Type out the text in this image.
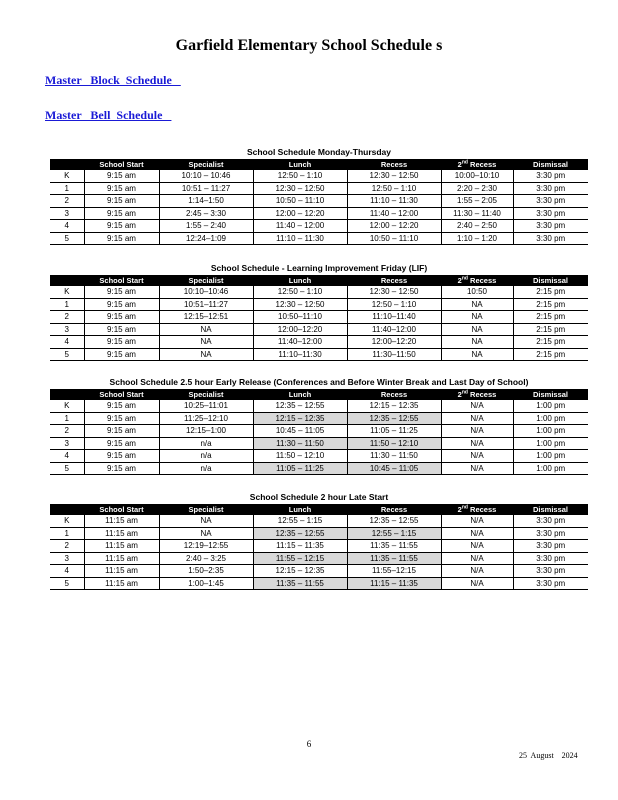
Garfield Elementary School Schedule s
Master   Block  Schedule
Master   Bell  Schedule
School Schedule Monday-Thursday
	School Start	Specialist	Lunch	Recess	2nd Recess	Dismissal
K	9:15 am	10:10 – 10:46	12:50 – 1:10	12:30 – 12:50	10:00–10:10	3:30 pm
1	9:15 am	10:51 – 11:27	12:30 – 12:50	12:50 – 1:10	2:20 – 2:30	3:30 pm
2	9:15 am	1:14–1:50	10:50 – 11:10	11:10 – 11:30	1:55 – 2:05	3:30 pm
3	9:15 am	2:45 – 3:30	12:00 – 12:20	11:40 – 12:00	11:30 – 11:40	3:30 pm
4	9:15 am	1:55 – 2:40	11:40 – 12:00	12:00 – 12:20	2:40 – 2:50	3:30 pm
5	9:15 am	12:24–1:09	11:10 – 11:30	10:50 – 11:10	1:10 – 1:20	3:30 pm
School Schedule - Learning Improvement Friday (LIF)
	School Start	Specialist	Lunch	Recess	2nd Recess	Dismissal
K	9:15 am	10:10–10:46	12:50 – 1:10	12:30 – 12:50	10:50	2:15 pm
1	9:15 am	10:51–11:27	12:30 – 12:50	12:50 – 1:10	NA	2:15 pm
2	9:15 am	12:15–12:51	10:50–11:10	11:10–11:40	NA	2:15 pm
3	9:15 am	NA	12:00–12:20	11:40–12:00	NA	2:15 pm
4	9:15 am	NA	11:40–12:00	12:00–12:20	NA	2:15 pm
5	9:15 am	NA	11:10–11:30	11:30–11:50	NA	2:15 pm
School Schedule 2.5 hour Early Release (Conferences and Before Winter Break and Last Day of School)
	School Start	Specialist	Lunch	Recess	2nd Recess	Dismissal
K	9:15 am	10:25–11:01	12:35 – 12:55	12:15 – 12:35	N/A	1:00 pm
1	9:15 am	11:25–12:10	12:15 – 12:35	12:35 – 12:55	N/A	1:00 pm
2	9:15 am	12:15–1:00	10:45 – 11:05	11:05 – 11:25	N/A	1:00 pm
3	9:15 am	n/a	11:30 – 11:50	11:50 – 12:10	N/A	1:00 pm
4	9:15 am	n/a	11:50 – 12:10	11:30 – 11:50	N/A	1:00 pm
5	9:15 am	n/a	11:05 – 11:25	10:45 – 11:05	N/A	1:00 pm
School Schedule 2 hour Late Start
	School Start	Specialist	Lunch	Recess	2nd Recess	Dismissal
K	11:15 am	NA	12:55 – 1:15	12:35 – 12:55	N/A	3:30 pm
1	11:15 am	NA	12:35 – 12:55	12:55 – 1:15	N/A	3:30 pm
2	11:15 am	12:19–12:55	11:15 – 11:35	11:35 – 11:55	N/A	3:30 pm
3	11:15 am	2:40 – 3:25	11:55 – 12:15	11:35 – 11:55	N/A	3:30 pm
4	11:15 am	1:50–2:35	12:15 – 12:35	11:55–12:15	N/A	3:30 pm
5	11:15 am	1:00–1:45	11:35 – 11:55	11:15 – 11:35	N/A	3:30 pm
6
25  August    2024
